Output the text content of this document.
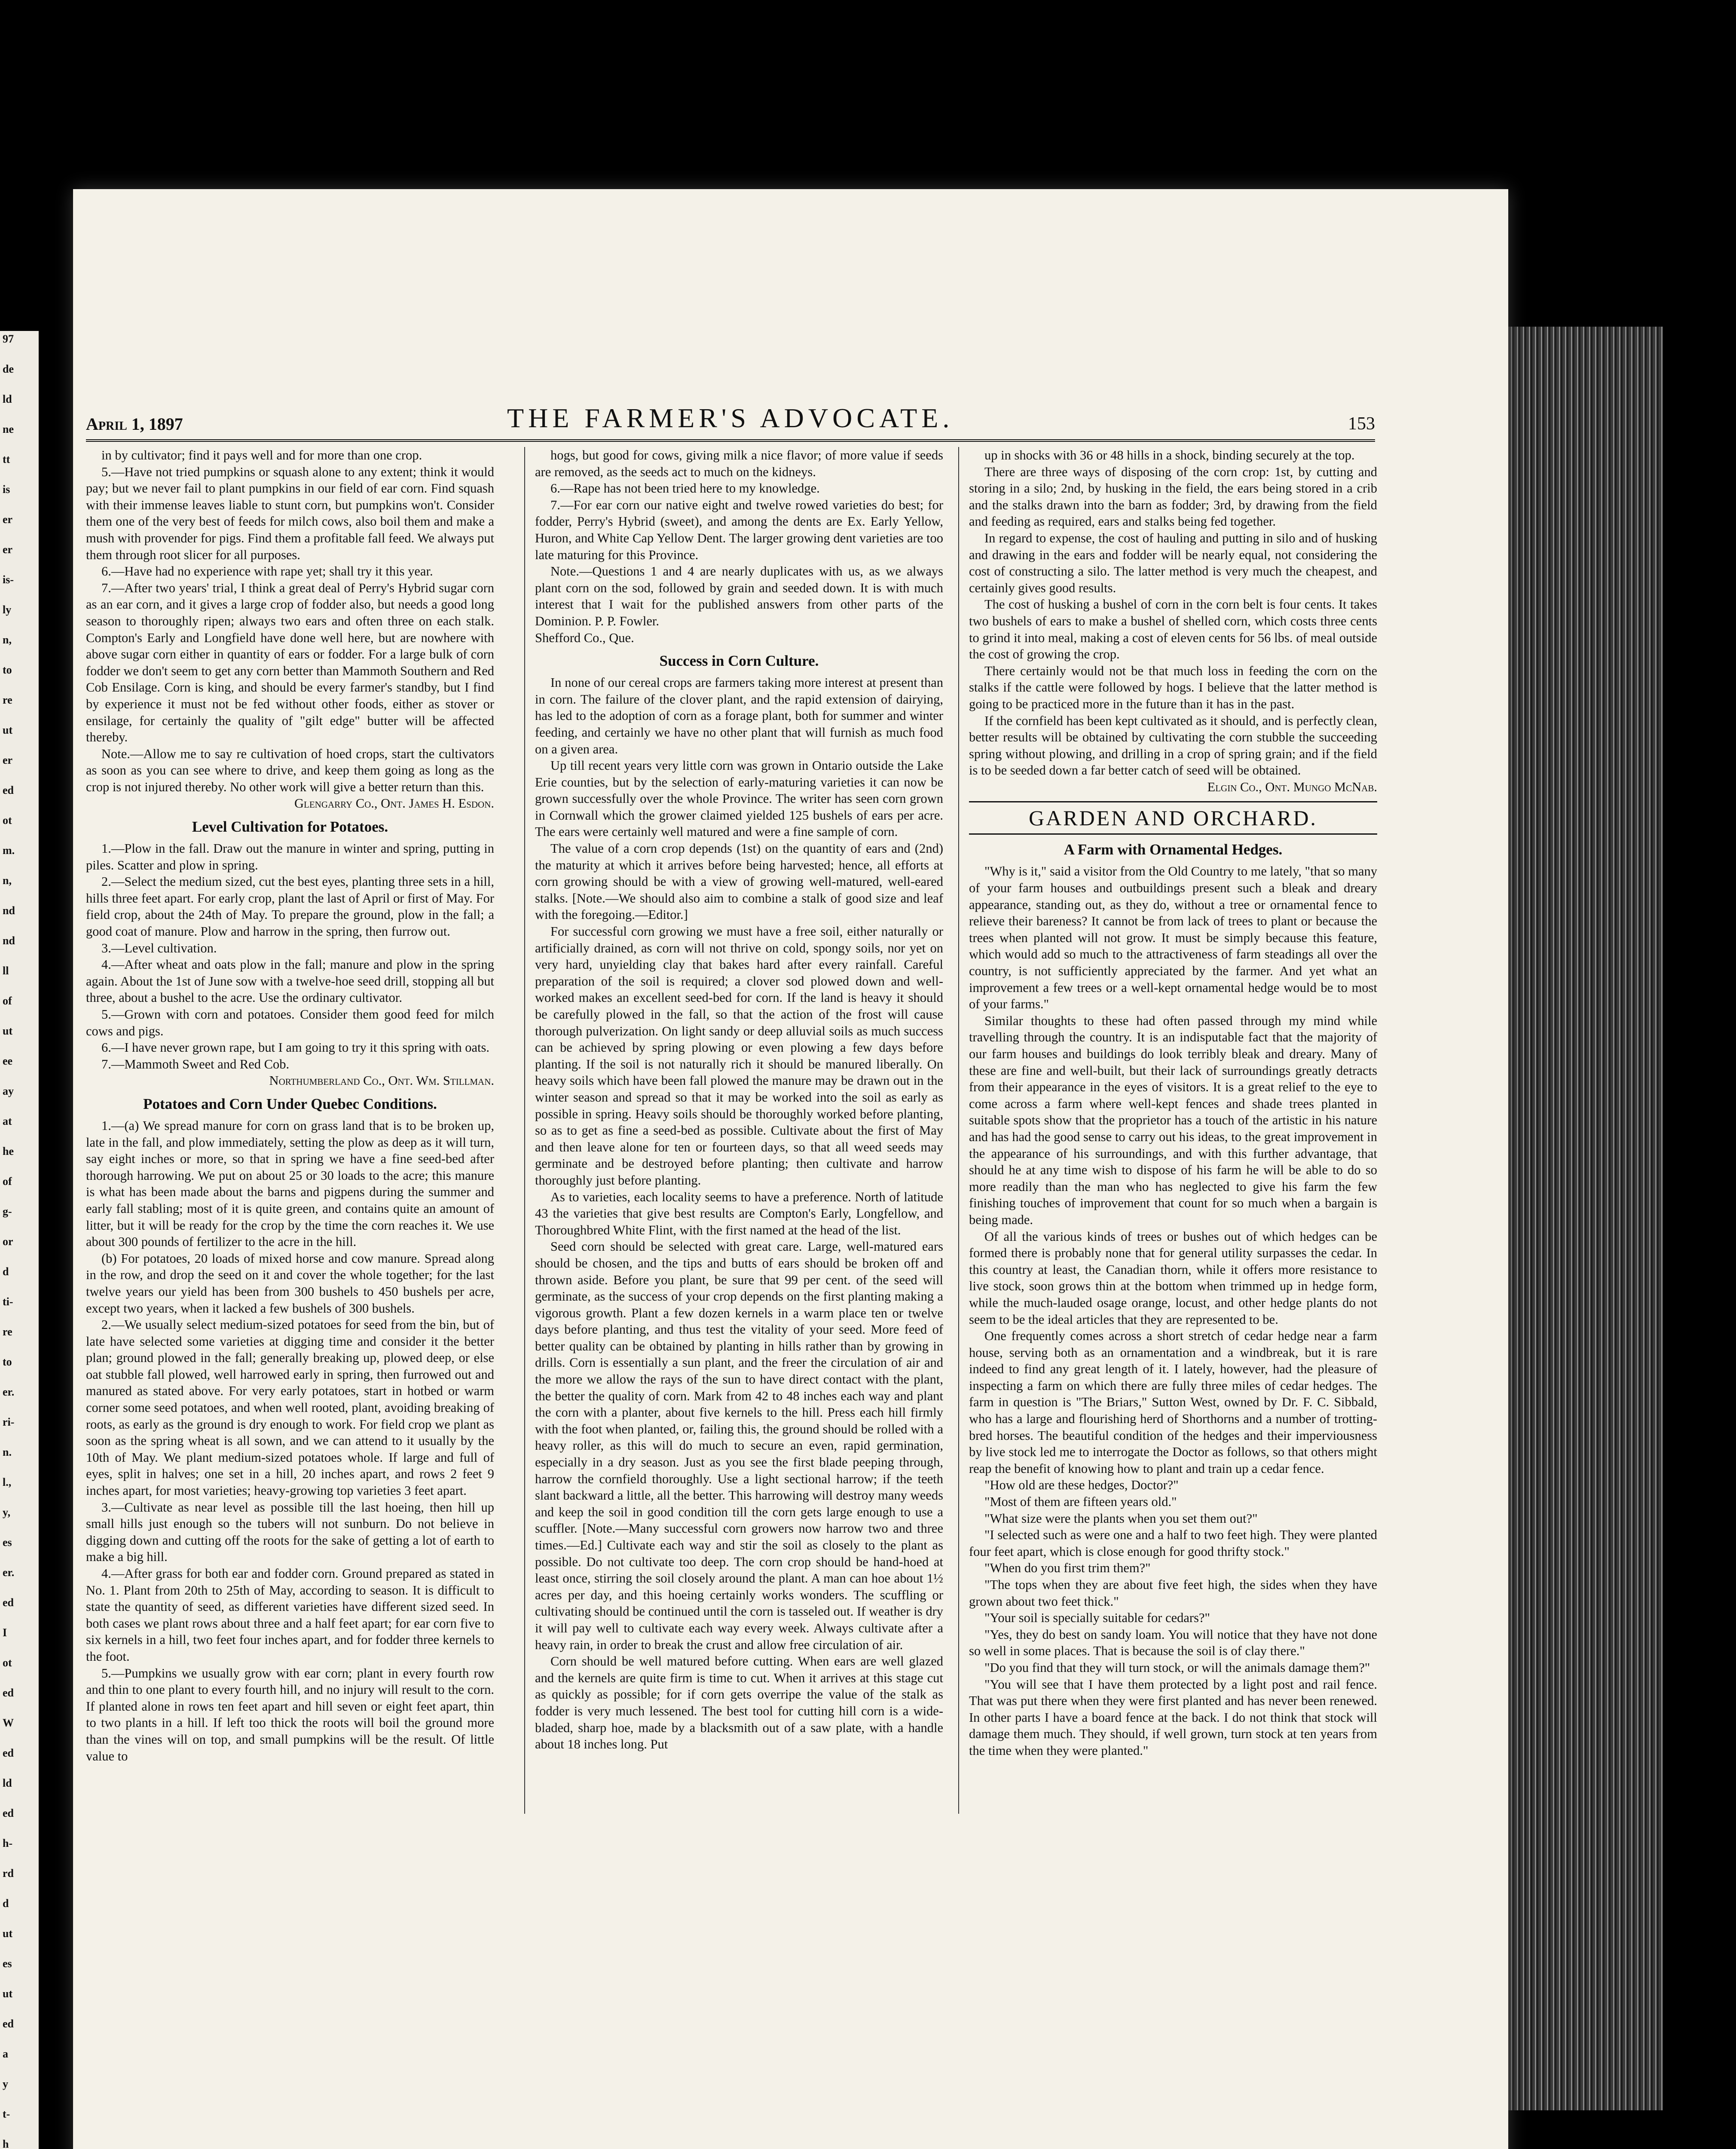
97
de
ld
ne
tt
is
er
er
is-
ly
n,
to
re
ut
er
ed
ot
m.
n,
nd
nd
ll
of
ut
ee
ay
at
he
of
g-
or
d
ti-
re
to
er.
ri-
n.
l.,
y,
es
er.
ed
I
ot
ed
W
ed
ld
ed
h-
rd
d
ut
es
ut
ed
a
y
t-
h
April 1, 1897	THE FARMER'S ADVOCATE.	153

in by cultivator; find it pays well and for more than one crop.

5.—Have not tried pumpkins or squash alone to any extent; think it would pay; but we never fail to plant pumpkins in our field of ear corn. Find squash with their immense leaves liable to stunt corn, but pumpkins won't. Consider them one of the very best of feeds for milch cows, also boil them and make a mush with provender for pigs. Find them a profitable fall feed. We always put them through root slicer for all purposes.

6.—Have had no experience with rape yet; shall try it this year.

7.—After two years' trial, I think a great deal of Perry's Hybrid sugar corn as an ear corn, and it gives a large crop of fodder also, but needs a good long season to thoroughly ripen; always two ears and often three on each stalk. Compton's Early and Longfield have done well here, but are nowhere with above sugar corn either in quantity of ears or fodder. For a large bulk of corn fodder we don't seem to get any corn better than Mammoth Southern and Red Cob Ensilage. Corn is king, and should be every farmer's standby, but I find by experience it must not be fed without other foods, either as stover or ensilage, for certainly the quality of "gilt edge" butter will be affected thereby.

Note.—Allow me to say re cultivation of hoed crops, start the cultivators as soon as you can see where to drive, and keep them going as long as the crop is not injured thereby. No other work will give a better return than this.

Glengarry Co., Ont. James H. Esdon.

Level Cultivation for Potatoes.

1.—Plow in the fall. Draw out the manure in winter and spring, putting in piles. Scatter and plow in spring.

2.—Select the medium sized, cut the best eyes, planting three sets in a hill, hills three feet apart. For early crop, plant the last of April or first of May. For field crop, about the 24th of May. To prepare the ground, plow in the fall; a good coat of manure. Plow and harrow in the spring, then furrow out.

3.—Level cultivation.

4.—After wheat and oats plow in the fall; manure and plow in the spring again. About the 1st of June sow with a twelve-hoe seed drill, stopping all but three, about a bushel to the acre. Use the ordinary cultivator.

5.—Grown with corn and potatoes. Consider them good feed for milch cows and pigs.

6.—I have never grown rape, but I am going to try it this spring with oats.

7.—Mammoth Sweet and Red Cob.

Northumberland Co., Ont. Wm. Stillman.

Potatoes and Corn Under Quebec Conditions.

1.—(a) We spread manure for corn on grass land that is to be broken up, late in the fall, and plow immediately, setting the plow as deep as it will turn, say eight inches or more, so that in spring we have a fine seed-bed after thorough harrowing. We put on about 25 or 30 loads to the acre; this manure is what has been made about the barns and pigpens during the summer and early fall stabling; most of it is quite green, and contains quite an amount of litter, but it will be ready for the crop by the time the corn reaches it. We use about 300 pounds of fertilizer to the acre in the hill.

(b) For potatoes, 20 loads of mixed horse and cow manure. Spread along in the row, and drop the seed on it and cover the whole together; for the last twelve years our yield has been from 300 bushels to 450 bushels per acre, except two years, when it lacked a few bushels of 300 bushels.

2.—We usually select medium-sized potatoes for seed from the bin, but of late have selected some varieties at digging time and consider it the better plan; ground plowed in the fall; generally breaking up, plowed deep, or else oat stubble fall plowed, well harrowed early in spring, then furrowed out and manured as stated above. For very early potatoes, start in hotbed or warm corner some seed potatoes, and when well rooted, plant, avoiding breaking of roots, as early as the ground is dry enough to work. For field crop we plant as soon as the spring wheat is all sown, and we can attend to it usually by the 10th of May. We plant medium-sized potatoes whole. If large and full of eyes, split in halves; one set in a hill, 20 inches apart, and rows 2 feet 9 inches apart, for most varieties; heavy-growing top varieties 3 feet apart.

3.—Cultivate as near level as possible till the last hoeing, then hill up small hills just enough so the tubers will not sunburn. Do not believe in digging down and cutting off the roots for the sake of getting a lot of earth to make a big hill.

4.—After grass for both ear and fodder corn. Ground prepared as stated in No. 1. Plant from 20th to 25th of May, according to season. It is difficult to state the quantity of seed, as different varieties have different sized seed. In both cases we plant rows about three and a half feet apart; for ear corn five to six kernels in a hill, two feet four inches apart, and for fodder three kernels to the foot.

5.—Pumpkins we usually grow with ear corn; plant in every fourth row and thin to one plant to every fourth hill, and no injury will result to the corn. If planted alone in rows ten feet apart and hill seven or eight feet apart, thin to two plants in a hill. If left too thick the roots will boil the ground more than the vines will on top, and small pumpkins will be the result. Of little value to

hogs, but good for cows, giving milk a nice flavor; of more value if seeds are removed, as the seeds act to much on the kidneys.

6.—Rape has not been tried here to my knowledge.

7.—For ear corn our native eight and twelve rowed varieties do best; for fodder, Perry's Hybrid (sweet), and among the dents are Ex. Early Yellow, Huron, and White Cap Yellow Dent. The larger growing dent varieties are too late maturing for this Province.

Note.—Questions 1 and 4 are nearly duplicates with us, as we always plant corn on the sod, followed by grain and seeded down. It is with much interest that I wait for the published answers from other parts of the Dominion. P. P. Fowler.

Shefford Co., Que.

Success in Corn Culture.

In none of our cereal crops are farmers taking more interest at present than in corn. The failure of the clover plant, and the rapid extension of dairying, has led to the adoption of corn as a forage plant, both for summer and winter feeding, and certainly we have no other plant that will furnish as much food on a given area.

Up till recent years very little corn was grown in Ontario outside the Lake Erie counties, but by the selection of early-maturing varieties it can now be grown successfully over the whole Province. The writer has seen corn grown in Cornwall which the grower claimed yielded 125 bushels of ears per acre. The ears were certainly well matured and were a fine sample of corn.

The value of a corn crop depends (1st) on the quantity of ears and (2nd) the maturity at which it arrives before being harvested; hence, all efforts at corn growing should be with a view of growing well-matured, well-eared stalks. [Note.—We should also aim to combine a stalk of good size and leaf with the foregoing.—Editor.]

For successful corn growing we must have a free soil, either naturally or artificially drained, as corn will not thrive on cold, spongy soils, nor yet on very hard, unyielding clay that bakes hard after every rainfall. Careful preparation of the soil is required; a clover sod plowed down and well-worked makes an excellent seed-bed for corn. If the land is heavy it should be carefully plowed in the fall, so that the action of the frost will cause thorough pulverization. On light sandy or deep alluvial soils as much success can be achieved by spring plowing or even plowing a few days before planting. If the soil is not naturally rich it should be manured liberally. On heavy soils which have been fall plowed the manure may be drawn out in the winter season and spread so that it may be worked into the soil as early as possible in spring. Heavy soils should be thoroughly worked before planting, so as to get as fine a seed-bed as possible. Cultivate about the first of May and then leave alone for ten or fourteen days, so that all weed seeds may germinate and be destroyed before planting; then cultivate and harrow thoroughly just before planting.

As to varieties, each locality seems to have a preference. North of latitude 43 the varieties that give best results are Compton's Early, Longfellow, and Thoroughbred White Flint, with the first named at the head of the list.

Seed corn should be selected with great care. Large, well-matured ears should be chosen, and the tips and butts of ears should be broken off and thrown aside. Before you plant, be sure that 99 per cent. of the seed will germinate, as the success of your crop depends on the first planting making a vigorous growth. Plant a few dozen kernels in a warm place ten or twelve days before planting, and thus test the vitality of your seed. More feed of better quality can be obtained by planting in hills rather than by growing in drills. Corn is essentially a sun plant, and the freer the circulation of air and the more we allow the rays of the sun to have direct contact with the plant, the better the quality of corn. Mark from 42 to 48 inches each way and plant the corn with a planter, about five kernels to the hill. Press each hill firmly with the foot when planted, or, failing this, the ground should be rolled with a heavy roller, as this will do much to secure an even, rapid germination, especially in a dry season. Just as you see the first blade peeping through, harrow the cornfield thoroughly. Use a light sectional harrow; if the teeth slant backward a little, all the better. This harrowing will destroy many weeds and keep the soil in good condition till the corn gets large enough to use a scuffler. [Note.—Many successful corn growers now harrow two and three times.—Ed.] Cultivate each way and stir the soil as closely to the plant as possible. Do not cultivate too deep. The corn crop should be hand-hoed at least once, stirring the soil closely around the plant. A man can hoe about 1½ acres per day, and this hoeing certainly works wonders. The scuffling or cultivating should be continued until the corn is tasseled out. If weather is dry it will pay well to cultivate each way every week. Always cultivate after a heavy rain, in order to break the crust and allow free circulation of air.

Corn should be well matured before cutting. When ears are well glazed and the kernels are quite firm is time to cut. When it arrives at this stage cut as quickly as possible; for if corn gets overripe the value of the stalk as fodder is very much lessened. The best tool for cutting hill corn is a wide-bladed, sharp hoe, made by a blacksmith out of a saw plate, with a handle about 18 inches long. Put

up in shocks with 36 or 48 hills in a shock, binding securely at the top.

There are three ways of disposing of the corn crop: 1st, by cutting and storing in a silo; 2nd, by husking in the field, the ears being stored in a crib and the stalks drawn into the barn as fodder; 3rd, by drawing from the field and feeding as required, ears and stalks being fed together.

In regard to expense, the cost of hauling and putting in silo and of husking and drawing in the ears and fodder will be nearly equal, not considering the cost of constructing a silo. The latter method is very much the cheapest, and certainly gives good results.

The cost of husking a bushel of corn in the corn belt is four cents. It takes two bushels of ears to make a bushel of shelled corn, which costs three cents to grind it into meal, making a cost of eleven cents for 56 lbs. of meal outside the cost of growing the crop.

There certainly would not be that much loss in feeding the corn on the stalks if the cattle were followed by hogs. I believe that the latter method is going to be practiced more in the future than it has in the past.

If the cornfield has been kept cultivated as it should, and is perfectly clean, better results will be obtained by cultivating the corn stubble the succeeding spring without plowing, and drilling in a crop of spring grain; and if the field is to be seeded down a far better catch of seed will be obtained.

Elgin Co., Ont. Mungo McNab.

GARDEN AND ORCHARD.
A Farm with Ornamental Hedges.

"Why is it," said a visitor from the Old Country to me lately, "that so many of your farm houses and outbuildings present such a bleak and dreary appearance, standing out, as they do, without a tree or ornamental fence to relieve their bareness? It cannot be from lack of trees to plant or because the trees when planted will not grow. It must be simply because this feature, which would add so much to the attractiveness of farm steadings all over the country, is not sufficiently appreciated by the farmer. And yet what an improvement a few trees or a well-kept ornamental hedge would be to most of your farms."

Similar thoughts to these had often passed through my mind while travelling through the country. It is an indisputable fact that the majority of our farm houses and buildings do look terribly bleak and dreary. Many of these are fine and well-built, but their lack of surroundings greatly detracts from their appearance in the eyes of visitors. It is a great relief to the eye to come across a farm where well-kept fences and shade trees planted in suitable spots show that the proprietor has a touch of the artistic in his nature and has had the good sense to carry out his ideas, to the great improvement in the appearance of his surroundings, and with this further advantage, that should he at any time wish to dispose of his farm he will be able to do so more readily than the man who has neglected to give his farm the few finishing touches of improvement that count for so much when a bargain is being made.

Of all the various kinds of trees or bushes out of which hedges can be formed there is probably none that for general utility surpasses the cedar. In this country at least, the Canadian thorn, while it offers more resistance to live stock, soon grows thin at the bottom when trimmed up in hedge form, while the much-lauded osage orange, locust, and other hedge plants do not seem to be the ideal articles that they are represented to be.

One frequently comes across a short stretch of cedar hedge near a farm house, serving both as an ornamentation and a windbreak, but it is rare indeed to find any great length of it. I lately, however, had the pleasure of inspecting a farm on which there are fully three miles of cedar hedges. The farm in question is "The Briars," Sutton West, owned by Dr. F. C. Sibbald, who has a large and flourishing herd of Shorthorns and a number of trotting-bred horses. The beautiful condition of the hedges and their imperviousness by live stock led me to interrogate the Doctor as follows, so that others might reap the benefit of knowing how to plant and train up a cedar fence.

"How old are these hedges, Doctor?"

"Most of them are fifteen years old."

"What size were the plants when you set them out?"

"I selected such as were one and a half to two feet high. They were planted four feet apart, which is close enough for good thrifty stock."

"When do you first trim them?"

"The tops when they are about five feet high, the sides when they have grown about two feet thick."

"Your soil is specially suitable for cedars?"

"Yes, they do best on sandy loam. You will notice that they have not done so well in some places. That is because the soil is of clay there."

"Do you find that they will turn stock, or will the animals damage them?"

"You will see that I have them protected by a light post and rail fence. That was put there when they were first planted and has never been renewed. In other parts I have a board fence at the back. I do not think that stock will damage them much. They should, if well grown, turn stock at ten years from the time when they were planted."
